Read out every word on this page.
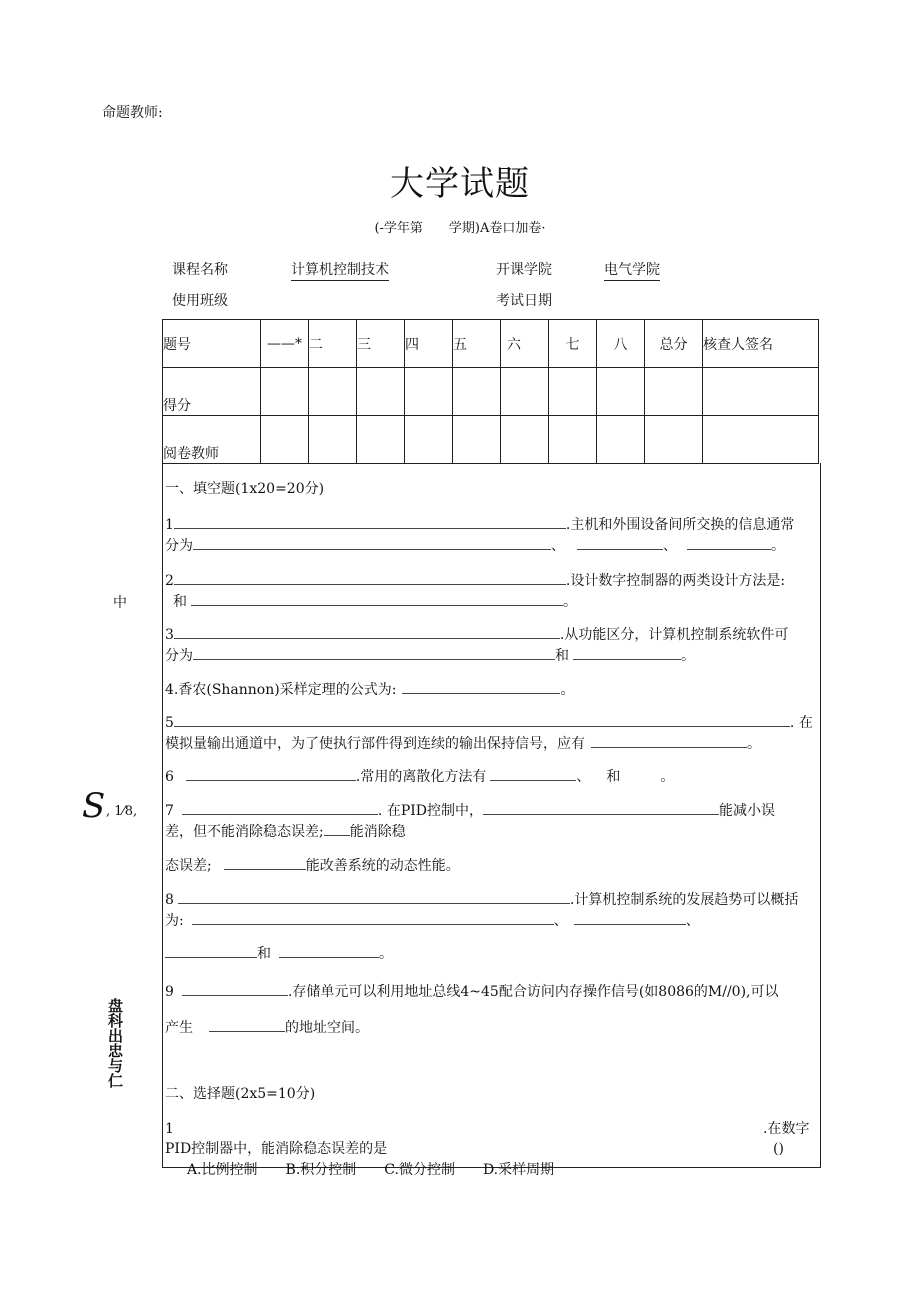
命题教师:
大学试题
(-学年第　　学期)A卷口加卷·
课程名称	计算机控制技术	开课学院	电气学院
使用班级	考试日期
题号	——*	二	三	四	五	六	七	八	总分	核查人签名
得分										
阅卷教师										
中
S , 1⁄8,
盘科出忠与仁
一、填空题(1x20=20分)
1	.主机和外围设备间所交换的信息通常
分为	、	、	。
2	.设计数字控制器的两类设计方法是:
和	。
3	.从功能区分，计算机控制系统软件可
分为	和	。
4.香农(Shannon)采样定理的公式为:	。
5	. 在
模拟量输出通道中，为了使执行部件得到连续的输出保持信号，应有	。
6	.常用的离散化方法有	、 和	。
7	. 在PID控制中，	能减小误
差，但不能消除稳态误差; 能消除稳
态误差;	能改善系统的动态性能。
8	.计算机控制系统的发展趋势可以概括
为:	、	、
和	。
9	.存储单元可以利用地址总线4~45配合访问内存操作信号(如8086的M//0),可以
产生	的地址空间。
二、选择题(2x5=10分)
1	.在数字
PID控制器中，能消除稳态误差的是	()
A.比例控制　　B.积分控制　　C.微分控制　　D.采样周期
